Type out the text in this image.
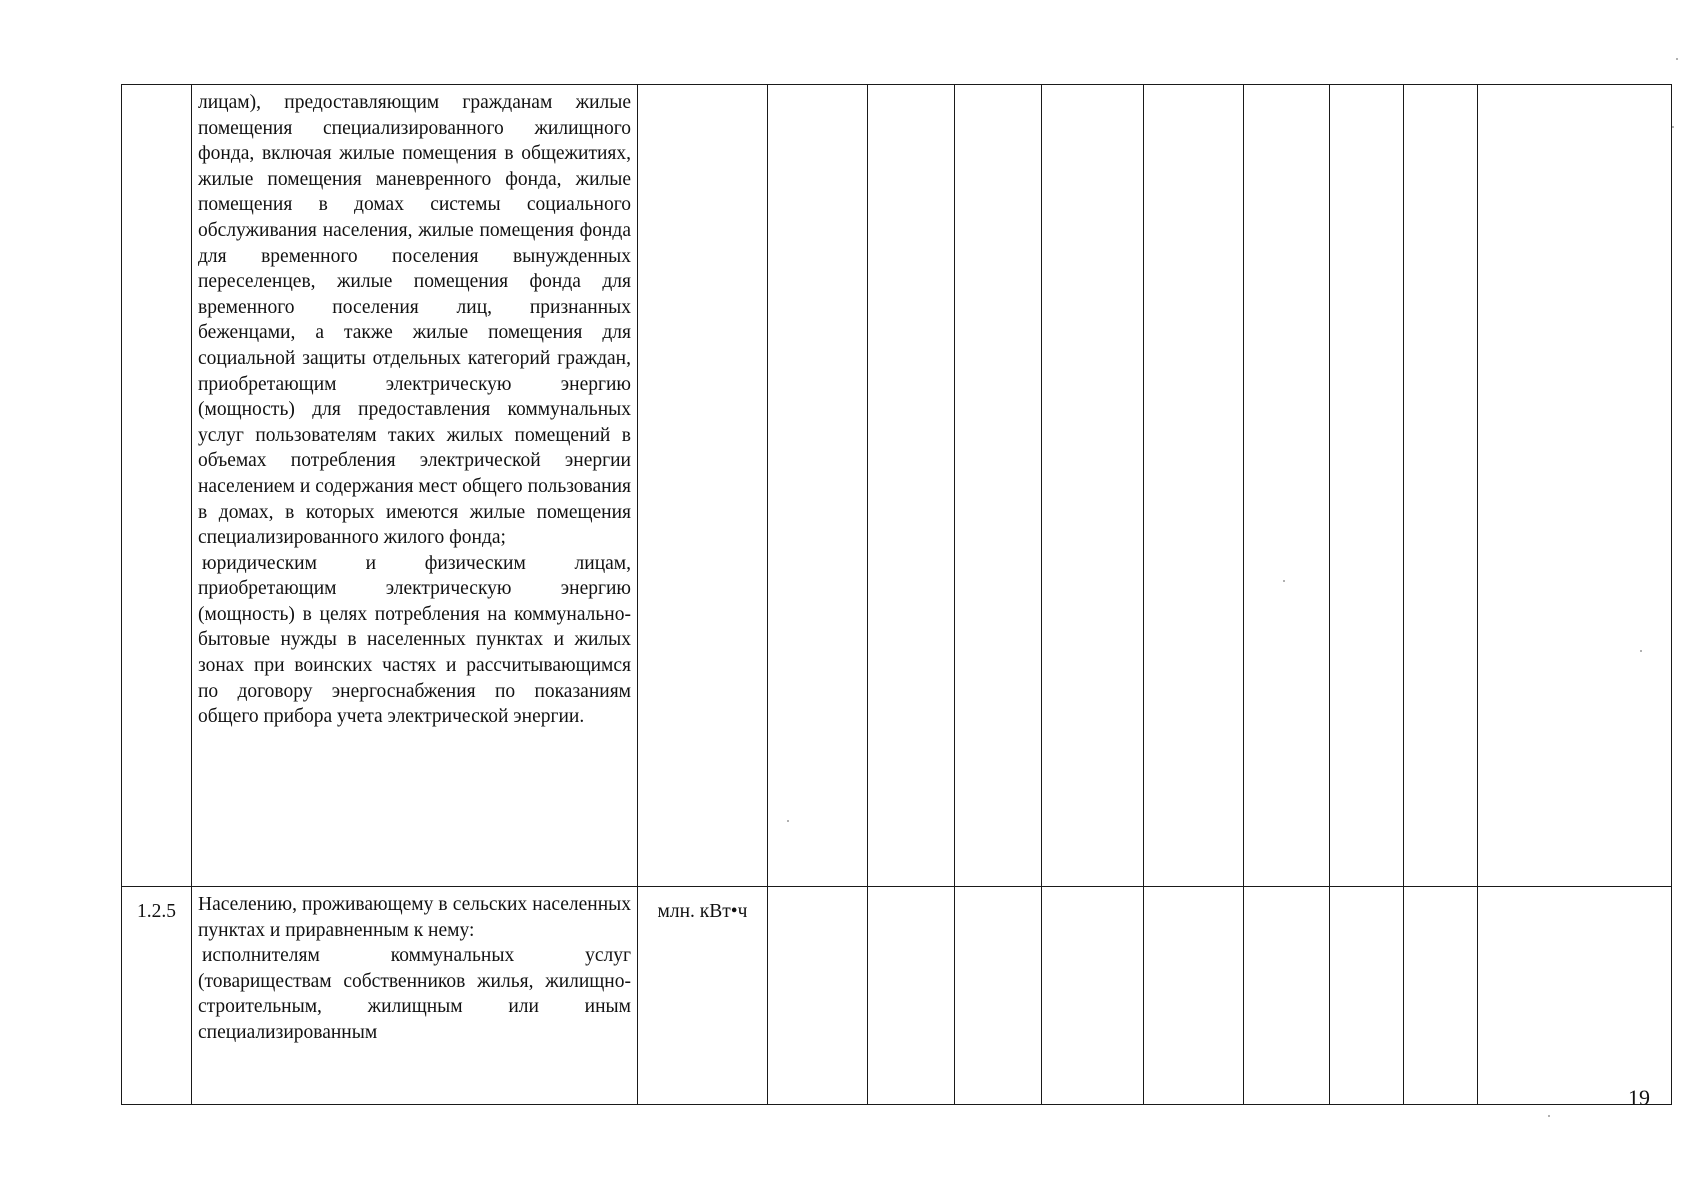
	лицам), предоставляющим гражданам жилые помещения специализированного жилищного фонда, включая жилые помещения в общежитиях, жилые помещения маневренного фонда, жилые помещения в домах системы социального обслуживания населения, жилые помещения фонда для временного поселения вынужденных переселенцев, жилые помещения фонда для временного поселения лиц, признанных беженцами, а также жилые помещения для социальной защиты отдельных категорий граждан, приобретающим электрическую энергию (мощность) для предоставления коммунальных услуг пользователям таких жилых помещений в объемах потребления электрической энергии населением и содержания мест общего пользования в домах, в которых имеются жилые помещения специализированного жилого фонда;

юридическим и физическим лицам, приобретающим электрическую энергию (мощность) в целях потребления на коммунально-бытовые нужды в населенных пунктах и жилых зонах при воинских частях и рассчитывающимся по договору энергоснабжения по показаниям общего прибора учета электрической энергии.										

1.2.5	Населению, проживающему в сельских населенных пунктах и приравненным к нему:

исполнителям коммунальных услуг (товариществам собственников жилья, жилищно-строительным, жилищным или иным специализированным	млн. кВт•ч									
19
